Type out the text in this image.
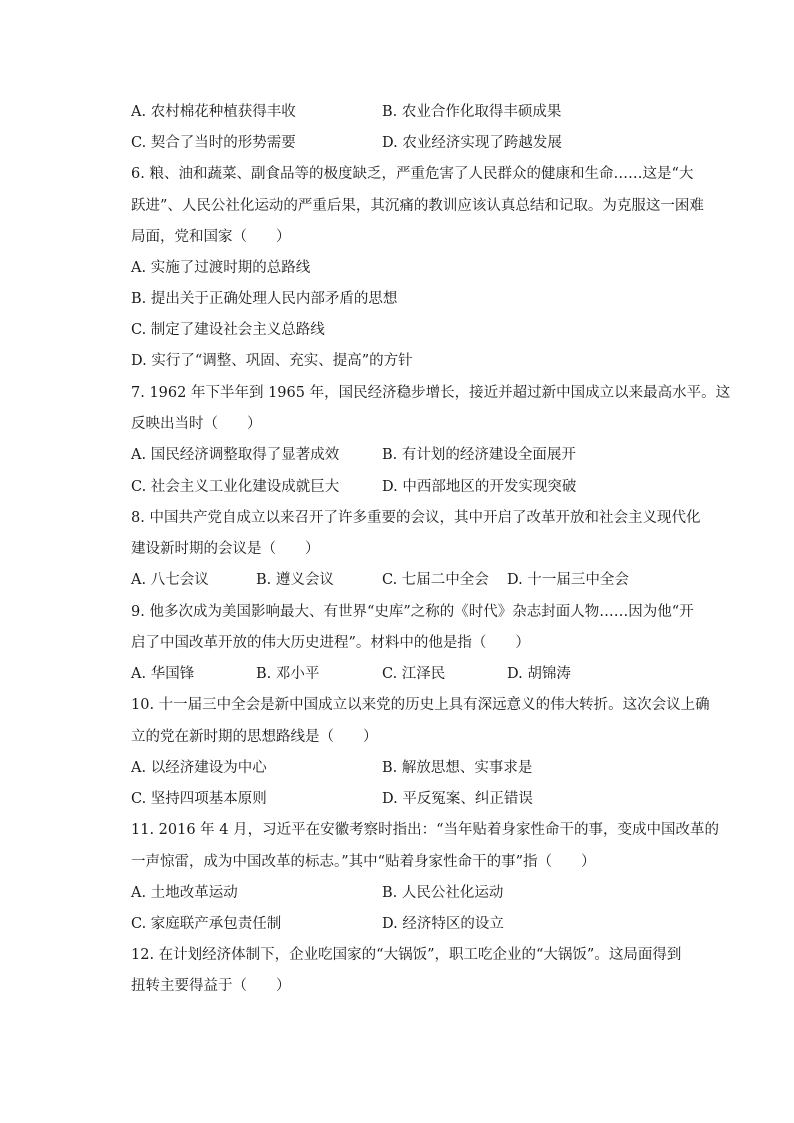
A. 农村棉花种植获得丰收	B. 农业合作化取得丰硕成果
C. 契合了当时的形势需要	D. 农业经济实现了跨越发展
6. 粮、油和蔬菜、副食品等的极度缺乏，严重危害了人民群众的健康和生命……这是“大
跃进”、人民公社化运动的严重后果，其沉痛的教训应该认真总结和记取。为克服这一困难
局面，党和国家（　　）
A. 实施了过渡时期的总路线
B. 提出关于正确处理人民内部矛盾的思想
C. 制定了建设社会主义总路线
D. 实行了“调整、巩固、充实、提高”的方针
7. 1962 年下半年到 1965 年，国民经济稳步增长，接近并超过新中国成立以来最高水平。这
反映出当时（　　）
A. 国民经济调整取得了显著成效	B. 有计划的经济建设全面展开
C. 社会主义工业化建设成就巨大	D. 中西部地区的开发实现突破
8. 中国共产党自成立以来召开了许多重要的会议，其中开启了改革开放和社会主义现代化
建设新时期的会议是（　　）
A. 八七会议	B. 遵义会议	C. 七届二中全会 D. 十一届三中全会
9. 他多次成为美国影响最大、有世界“史库”之称的《时代》杂志封面人物……因为他“开
启了中国改革开放的伟大历史进程”。材料中的他是指（　　）
A. 华国锋	B. 邓小平	C. 江泽民	D. 胡锦涛
10. 十一届三中全会是新中国成立以来党的历史上具有深远意义的伟大转折。这次会议上确
立的党在新时期的思想路线是（　　）
A. 以经济建设为中心	B. 解放思想、实事求是
C. 坚持四项基本原则	D. 平反冤案、纠正错误
11. 2016 年 4 月，习近平在安徽考察时指出：“当年贴着身家性命干的事，变成中国改革的
一声惊雷，成为中国改革的标志。”其中“贴着身家性命干的事”指（　　）
A. 土地改革运动	B. 人民公社化运动
C. 家庭联产承包责任制	D. 经济特区的设立
12. 在计划经济体制下，企业吃国家的“大锅饭”，职工吃企业的“大锅饭”。这局面得到
扭转主要得益于（　　）
